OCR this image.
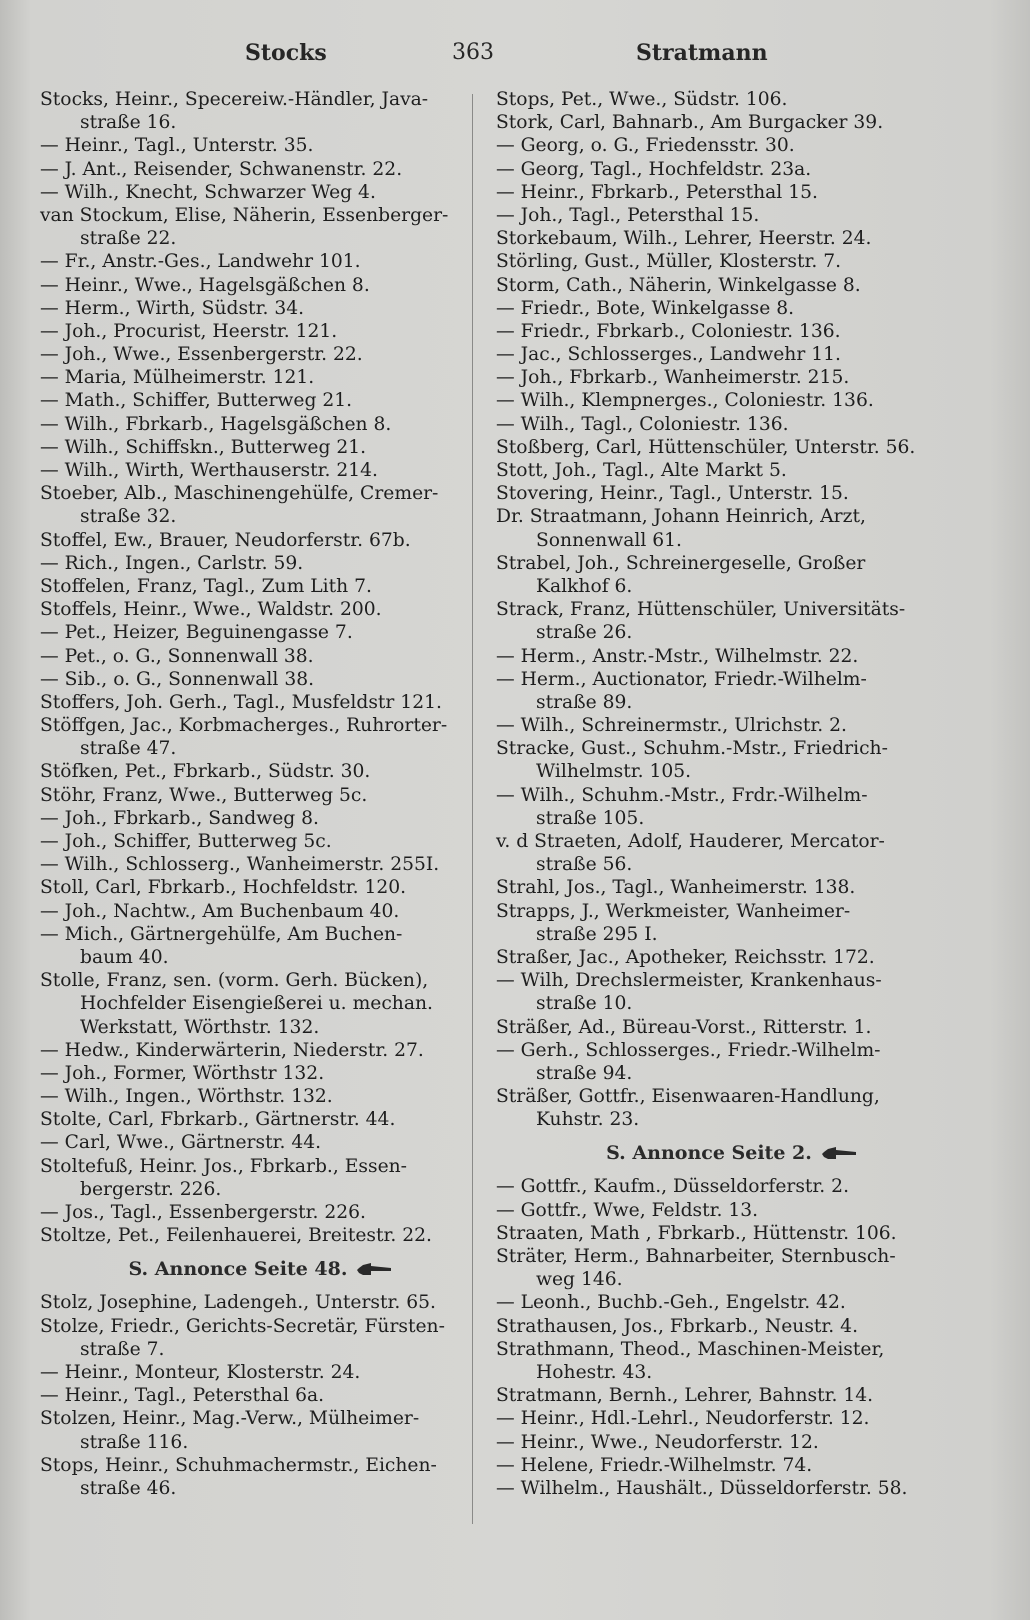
Stocks	363	Stratmann
Stocks, Heinr., Specereiw.-Händler, Java-
straße 16.
— Heinr., Tagl., Unterstr. 35.
— J. Ant., Reisender, Schwanenstr. 22.
— Wilh., Knecht, Schwarzer Weg 4.
van Stockum, Elise, Näherin, Essenberger-
straße 22.
— Fr., Anstr.-Ges., Landwehr 101.
— Heinr., Wwe., Hagelsgäßchen 8.
— Herm., Wirth, Südstr. 34.
— Joh., Procurist, Heerstr. 121.
— Joh., Wwe., Essenbergerstr. 22.
— Maria, Mülheimerstr. 121.
— Math., Schiffer, Butterweg 21.
— Wilh., Fbrkarb., Hagelsgäßchen 8.
— Wilh., Schiffskn., Butterweg 21.
— Wilh., Wirth, Werthauserstr. 214.
Stoeber, Alb., Maschinengehülfe, Cremer-
straße 32.
Stoffel, Ew., Brauer, Neudorferstr. 67b.
— Rich., Ingen., Carlstr. 59.
Stoffelen, Franz, Tagl., Zum Lith 7.
Stoffels, Heinr., Wwe., Waldstr. 200.
— Pet., Heizer, Beguinengasse 7.
— Pet., o. G., Sonnenwall 38.
— Sib., o. G., Sonnenwall 38.
Stoffers, Joh. Gerh., Tagl., Musfeldstr 121.
Stöffgen, Jac., Korbmacherges., Ruhrorter-
straße 47.
Stöfken, Pet., Fbrkarb., Südstr. 30.
Stöhr, Franz, Wwe., Butterweg 5c.
— Joh., Fbrkarb., Sandweg 8.
— Joh., Schiffer, Butterweg 5c.
— Wilh., Schlosserg., Wanheimerstr. 255I.
Stoll, Carl, Fbrkarb., Hochfeldstr. 120.
— Joh., Nachtw., Am Buchenbaum 40.
— Mich., Gärtnergehülfe, Am Buchen-
baum 40.
Stolle, Franz, sen. (vorm. Gerh. Bücken),
Hochfelder Eisengießerei u. mechan.
Werkstatt, Wörthstr. 132.
— Hedw., Kinderwärterin, Niederstr. 27.
— Joh., Former, Wörthstr 132.
— Wilh., Ingen., Wörthstr. 132.
Stolte, Carl, Fbrkarb., Gärtnerstr. 44.
— Carl, Wwe., Gärtnerstr. 44.
Stoltefuß, Heinr. Jos., Fbrkarb., Essen-
bergerstr. 226.
— Jos., Tagl., Essenbergerstr. 226.
Stoltze, Pet., Feilenhauerei, Breitestr. 22.
S. Annonce Seite 48.
Stolz, Josephine, Ladengeh., Unterstr. 65.
Stolze, Friedr., Gerichts-Secretär, Fürsten-
straße 7.
— Heinr., Monteur, Klosterstr. 24.
— Heinr., Tagl., Petersthal 6a.
Stolzen, Heinr., Mag.-Verw., Mülheimer-
straße 116.
Stops, Heinr., Schuhmachermstr., Eichen-
straße 46.
Stops, Pet., Wwe., Südstr. 106.
Stork, Carl, Bahnarb., Am Burgacker 39.
— Georg, o. G., Friedensstr. 30.
— Georg, Tagl., Hochfeldstr. 23a.
— Heinr., Fbrkarb., Petersthal 15.
— Joh., Tagl., Petersthal 15.
Storkebaum, Wilh., Lehrer, Heerstr. 24.
Störling, Gust., Müller, Klosterstr. 7.
Storm, Cath., Näherin, Winkelgasse 8.
— Friedr., Bote, Winkelgasse 8.
— Friedr., Fbrkarb., Coloniestr. 136.
— Jac., Schlosserges., Landwehr 11.
— Joh., Fbrkarb., Wanheimerstr. 215.
— Wilh., Klempnerges., Coloniestr. 136.
— Wilh., Tagl., Coloniestr. 136.
Stoßberg, Carl, Hüttenschüler, Unterstr. 56.
Stott, Joh., Tagl., Alte Markt 5.
Stovering, Heinr., Tagl., Unterstr. 15.
Dr. Straatmann, Johann Heinrich, Arzt,
Sonnenwall 61.
Strabel, Joh., Schreinergeselle, Großer
Kalkhof 6.
Strack, Franz, Hüttenschüler, Universitäts-
straße 26.
— Herm., Anstr.-Mstr., Wilhelmstr. 22.
— Herm., Auctionator, Friedr.-Wilhelm-
straße 89.
— Wilh., Schreinermstr., Ulrichstr. 2.
Stracke, Gust., Schuhm.-Mstr., Friedrich-
Wilhelmstr. 105.
— Wilh., Schuhm.-Mstr., Frdr.-Wilhelm-
straße 105.
v. d Straeten, Adolf, Hauderer, Mercator-
straße 56.
Strahl, Jos., Tagl., Wanheimerstr. 138.
Strapps, J., Werkmeister, Wanheimer-
straße 295 I.
Straßer, Jac., Apotheker, Reichsstr. 172.
— Wilh, Drechslermeister, Krankenhaus-
straße 10.
Sträßer, Ad., Büreau-Vorst., Ritterstr. 1.
— Gerh., Schlosserges., Friedr.-Wilhelm-
straße 94.
Sträßer, Gottfr., Eisenwaaren-Handlung,
Kuhstr. 23.
S. Annonce Seite 2.
— Gottfr., Kaufm., Düsseldorferstr. 2.
— Gottfr., Wwe, Feldstr. 13.
Straaten, Math , Fbrkarb., Hüttenstr. 106.
Sträter, Herm., Bahnarbeiter, Sternbusch-
weg 146.
— Leonh., Buchb.-Geh., Engelstr. 42.
Strathausen, Jos., Fbrkarb., Neustr. 4.
Strathmann, Theod., Maschinen-Meister,
Hohestr. 43.
Stratmann, Bernh., Lehrer, Bahnstr. 14.
— Heinr., Hdl.-Lehrl., Neudorferstr. 12.
— Heinr., Wwe., Neudorferstr. 12.
— Helene, Friedr.-Wilhelmstr. 74.
— Wilhelm., Haushält., Düsseldorferstr. 58.
